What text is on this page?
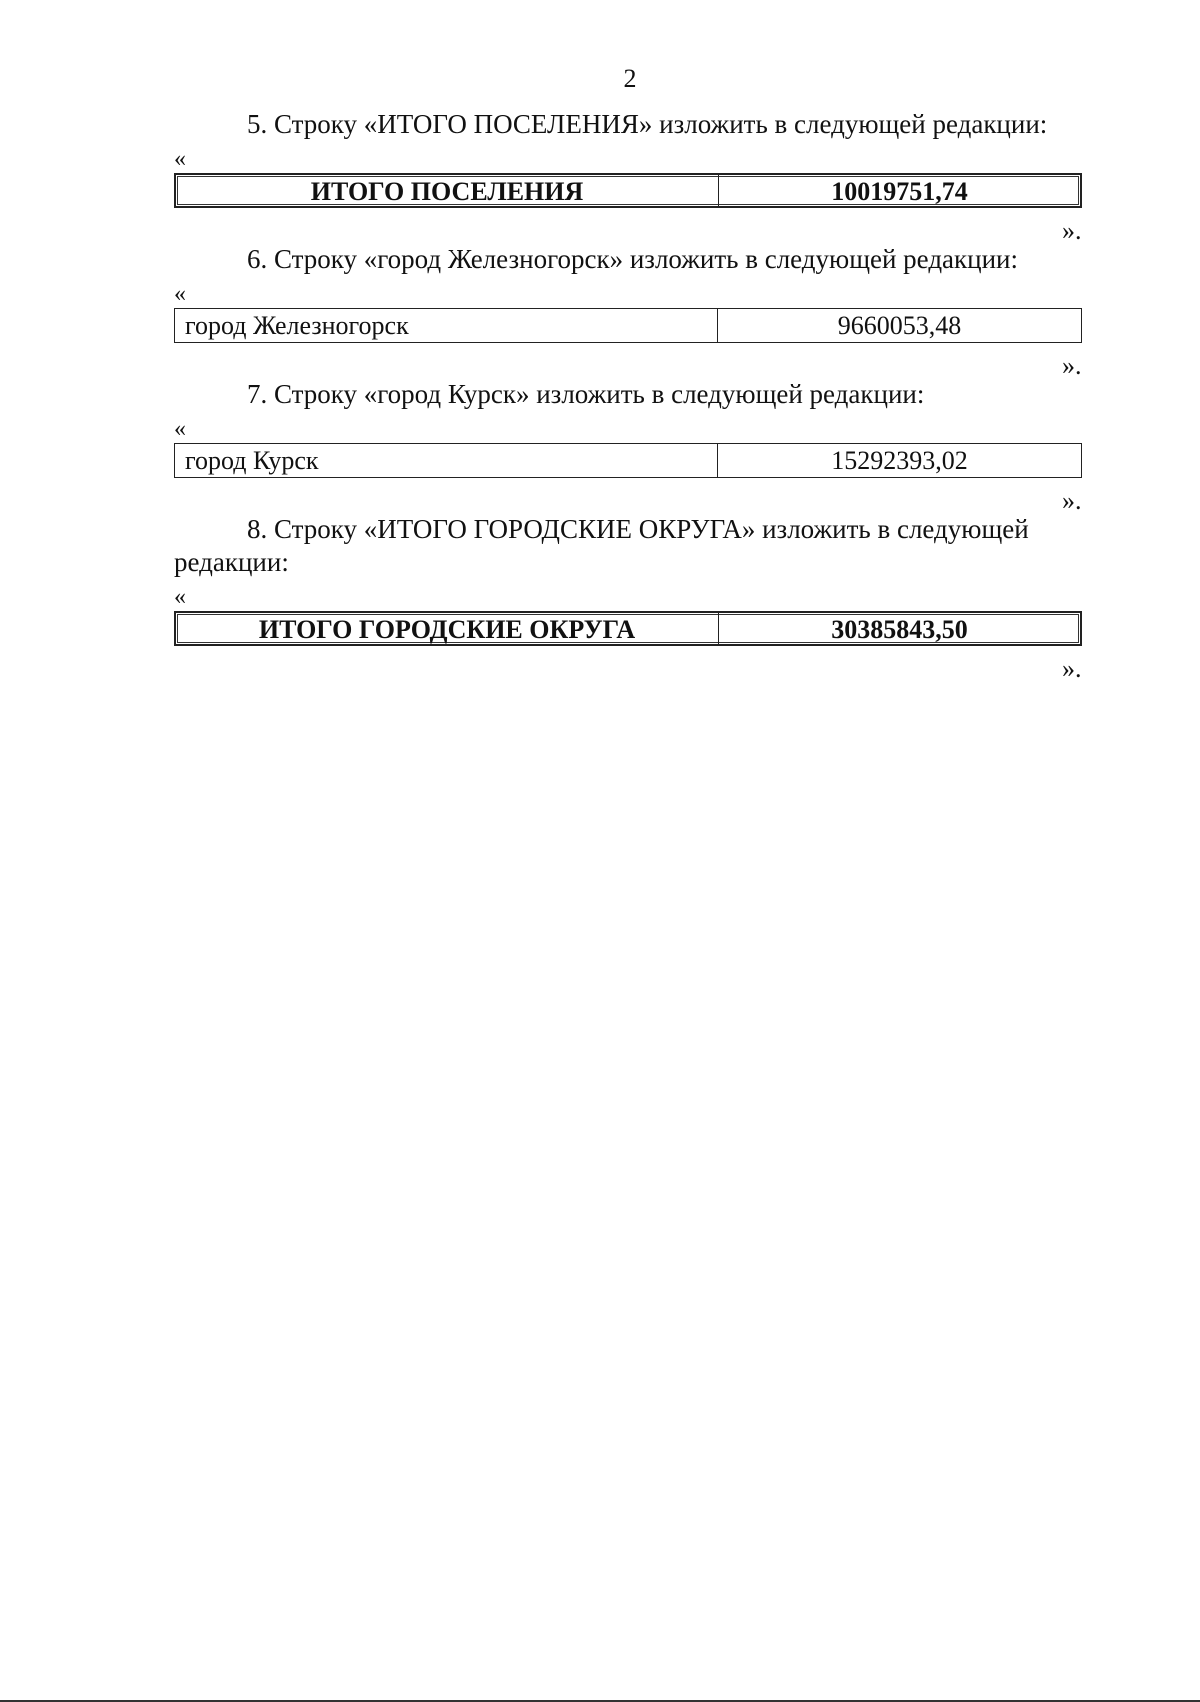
2

5. Строку «ИТОГО ПОСЕЛЕНИЯ» изложить в следующей редакции:

«
ИТОГО ПОСЕЛЕНИЯ	10019751,74
».

6. Строку «город Железногорск» изложить в следующей редакции:

«
город Железногорск	9660053,48
».

7. Строку «город Курск» изложить в следующей редакции:

«
город Курск	15292393,02
».

8. Строку «ИТОГО ГОРОДСКИЕ ОКРУГА» изложить в следующей редакции:

«
ИТОГО ГОРОДСКИЕ ОКРУГА	30385843,50
».
